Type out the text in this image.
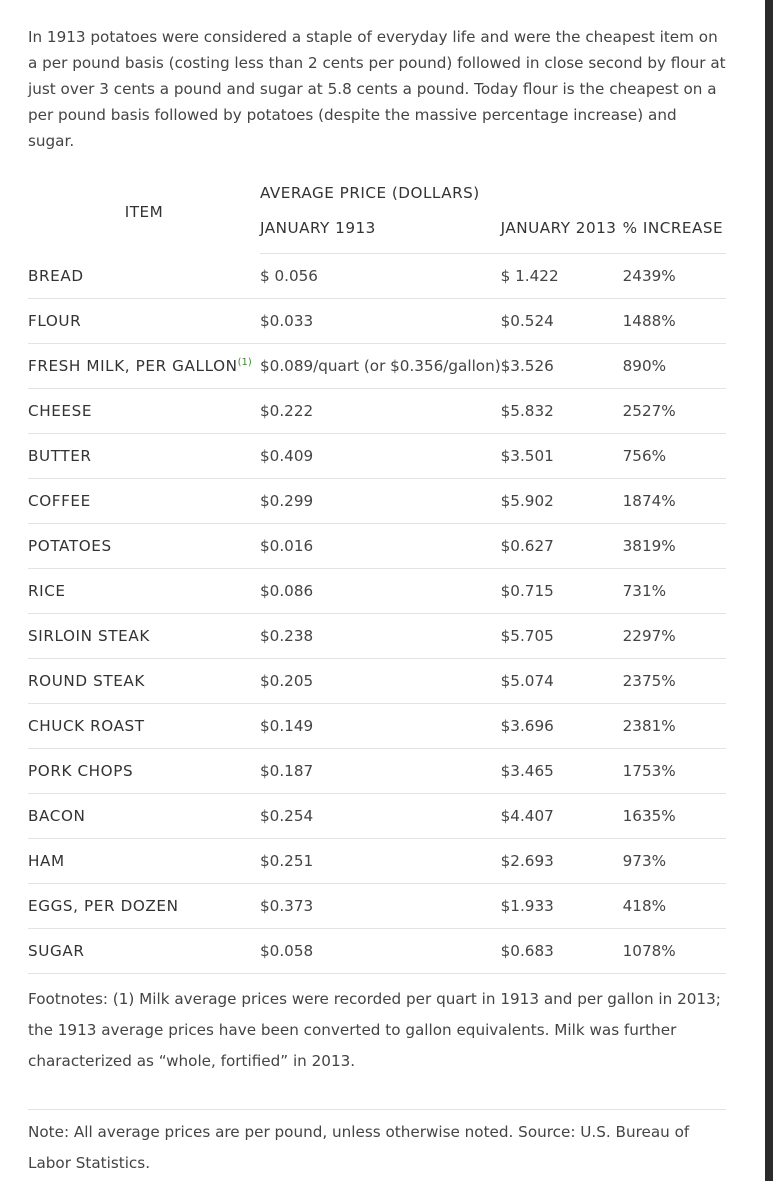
In 1913 potatoes were considered a staple of everyday life and were the cheapest item on a per pound basis (costing less than 2 cents per pound) followed in close second by flour at just over 3 cents a pound and sugar at 5.8 cents a pound. Today flour is the cheapest on a per pound basis followed by potatoes (despite the massive percentage increase) and sugar.

ITEM	AVERAGE PRICE (DOLLARS)		
	JANUARY 1913	JANUARY 2013	% INCREASE
BREAD	$ 0.056	$ 1.422	2439%
FLOUR	$0.033	$0.524	1488%
FRESH MILK, PER GALLON$^{(1)}$	$0.089/quart (or $0.356/gallon)	$3.526	890%
CHEESE	$0.222	$5.832	2527%
BUTTER	$0.409	$3.501	756%
COFFEE	$0.299	$5.902	1874%
POTATOES	$0.016	$0.627	3819%
RICE	$0.086	$0.715	731%
SIRLOIN STEAK	$0.238	$5.705	2297%
ROUND STEAK	$0.205	$5.074	2375%
CHUCK ROAST	$0.149	$3.696	2381%
PORK CHOPS	$0.187	$3.465	1753%
BACON	$0.254	$4.407	1635%
HAM	$0.251	$2.693	973%
EGGS, PER DOZEN	$0.373	$1.933	418%
SUGAR	$0.058	$0.683	1078%

Footnotes: (1) Milk average prices were recorded per quart in 1913 and per gallon in 2013; the 1913 average prices have been converted to gallon equivalents. Milk was further characterized as “whole, fortified” in 2013.

Note: All average prices are per pound, unless otherwise noted. Source: U.S. Bureau of Labor Statistics.
